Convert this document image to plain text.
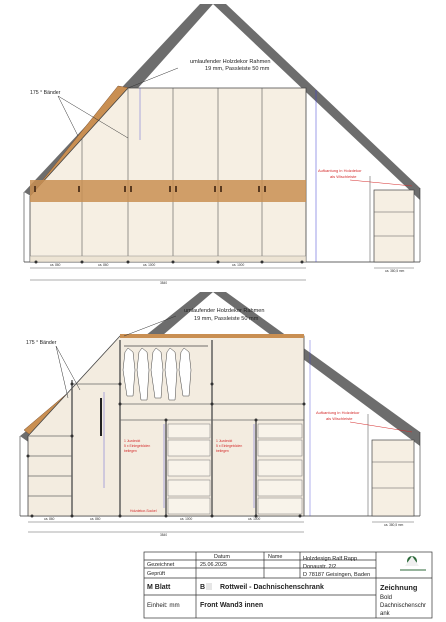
umlaufender Holzdekor Rahmen
19 mm, Passleiste 50 mm
175 ° Bänder
Aufkantung in Holzdekor
als Wischleiste
ca. 860	ca. 860	ca. 1000	ca. 1000
ca. 380,5 mm
3840
umlaufender Holzdekor Rahmen
19 mm, Passleiste 50 mm
175 ° Bänder
Aufkantung in Holzdekor
als Wischleiste
1 Juzdeckt
5 x Einlegeböden
beilegen
1 Juzdeckt
5 x Einlegeböden
beilegen
Holzdekor-Sockel
ca. 860	ca. 860	ca. 1000	ca. 1000
ca. 380,5 mm
3840
Datum	Name
Gezeichnet	25.06.2025
Geprüft
Holzdesign Ralf Rapp
Donaustr. 2/2
D 78187 Geisingen, Baden
M Blatt
Einheit: mm
B Rottweil - Dachnischenschrank
Front Wand3 innen
Zeichnung
Bold
Dachnischenschr
ank
